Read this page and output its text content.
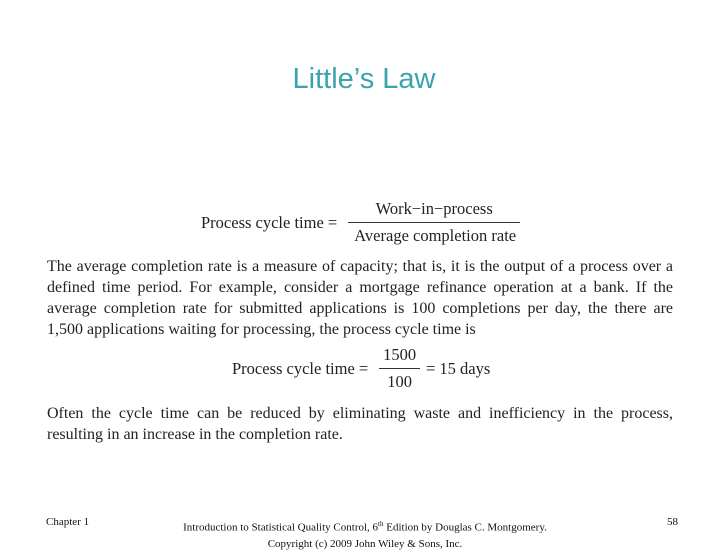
Little’s Law
Process cycle time = $\frac{\text{Work−in−process}}{\text{Average completion rate}}$

The average completion rate is a measure of capacity; that is, it is the output of a process over a defined time period. For example, consider a mortgage refinance operation at a bank. If the average completion rate for submitted applications is 100 completions per day, the there are 1,500 applications waiting for processing, the process cycle time is

Process cycle time = $\frac{1500}{100} = 15$ days

Often the cycle time can be reduced by eliminating waste and inefficiency in the process, resulting in an increase in the completion rate.

Chapter 1	Introduction to Statistical Quality Control, 6th Edition by Douglas C. Montgomery.
Copyright (c) 2009 John Wiley & Sons, Inc.
58
